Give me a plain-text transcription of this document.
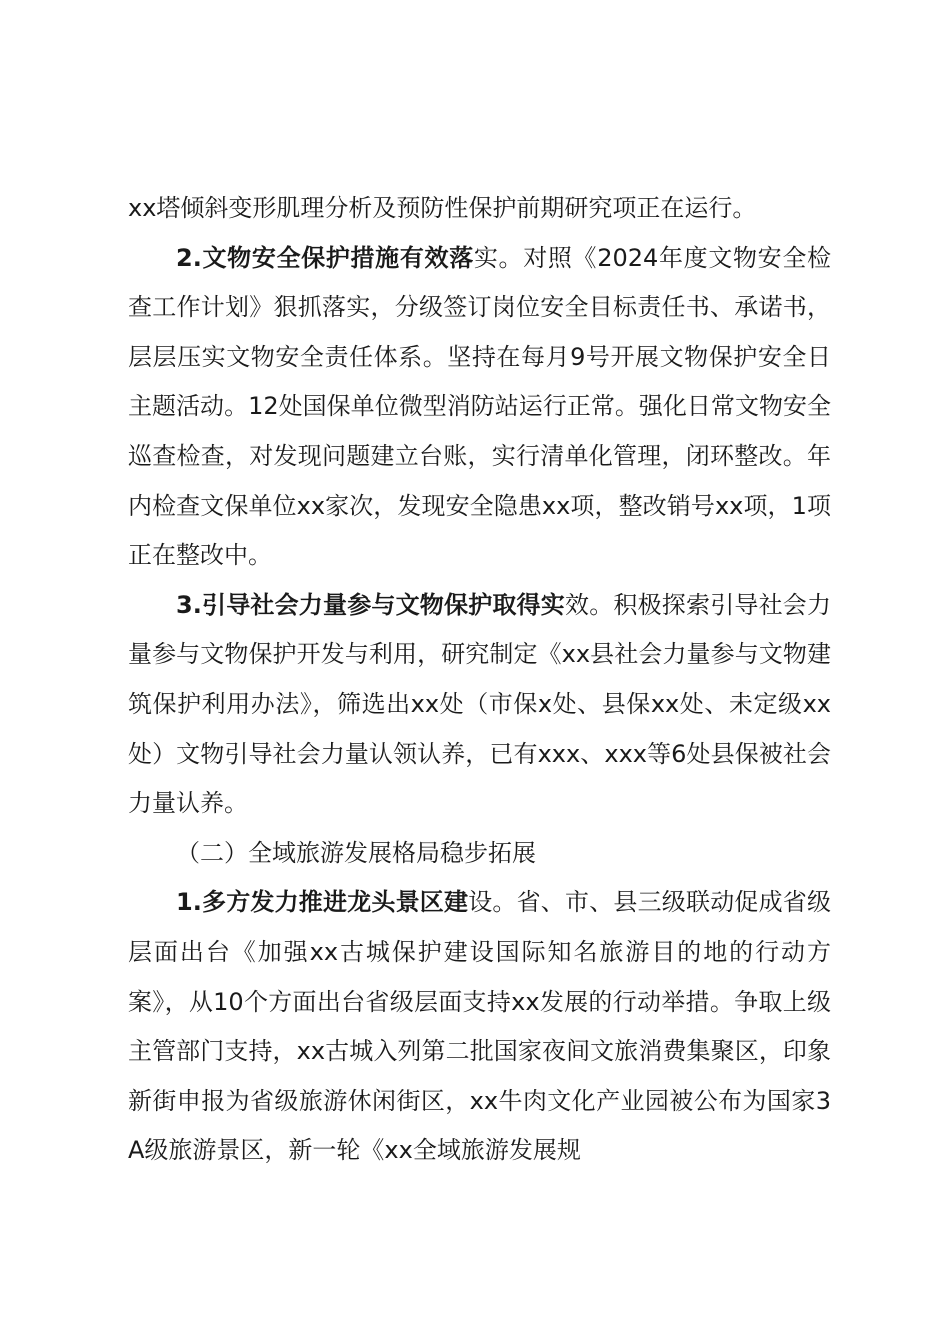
xx塔倾斜变形肌理分析及预防性保护前期研究项正在运行。

2.文物安全保护措施有效落实。对照《2024年度文物安全检查工作计划》狠抓落实，分级签订岗位安全目标责任书、承诺书，层层压实文物安全责任体系。坚持在每月9号开展文物保护安全日主题活动。12处国保单位微型消防站运行正常。强化日常文物安全巡查检查，对发现问题建立台账，实行清单化管理，闭环整改。年内检查文保单位xx家次，发现安全隐患xx项，整改销号xx项，1项正在整改中。

3.引导社会力量参与文物保护取得实效。积极探索引导社会力量参与文物保护开发与利用，研究制定《xx县社会力量参与文物建筑保护利用办法》，筛选出xx处（市保x处、县保xx处、未定级xx处）文物引导社会力量认领认养，已有xxx、xxx等6处县保被社会力量认养。

（二）全域旅游发展格局稳步拓展

1.多方发力推进龙头景区建设。省、市、县三级联动促成省级层面出台《加强xx古城保护建设国际知名旅游目的地的行动方案》，从10个方面出台省级层面支持xx发展的行动举措。争取上级主管部门支持，xx古城入列第二批国家夜间文旅消费集聚区，印象新街申报为省级旅游休闲街区，xx牛肉文化产业园被公布为国家3A级旅游景区，新一轮《xx全域旅游发展规
